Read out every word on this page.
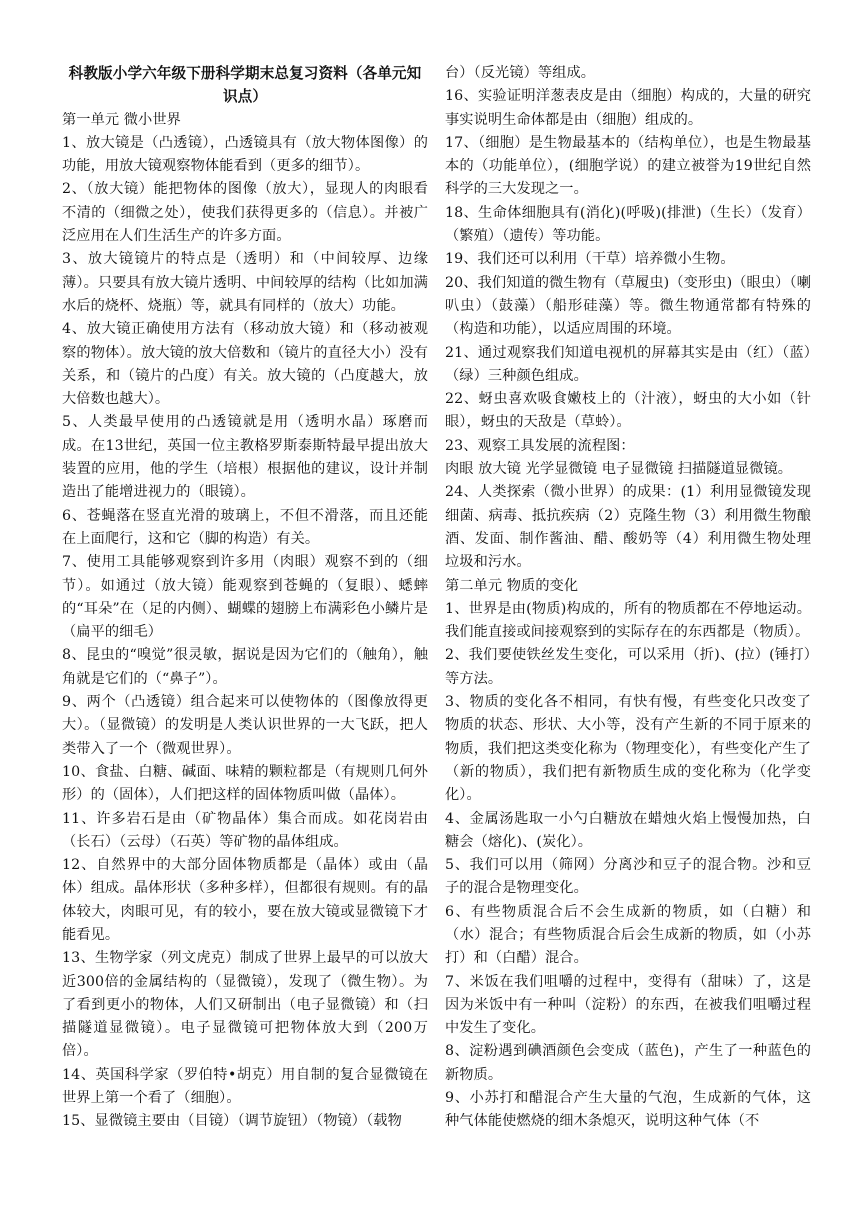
科教版小学六年级下册科学期末总复习资料（各单元知识点）

第一单元 微小世界

1、放大镜是（凸透镜），凸透镜具有（放大物体图像）的功能，用放大镜观察物体能看到（更多的细节）。

2、（放大镜）能把物体的图像（放大），显现人的肉眼看不清的（细微之处），使我们获得更多的（信息）。并被广泛应用在人们生活生产的许多方面。

3、放大镜镜片的特点是（透明）和（中间较厚、边缘薄）。只要具有放大镜片透明、中间较厚的结构（比如加满水后的烧杯、烧瓶）等，就具有同样的（放大）功能。

4、放大镜正确使用方法有（移动放大镜）和（移动被观察的物体）。放大镜的放大倍数和（镜片的直径大小）没有关系，和（镜片的凸度）有关。放大镜的（凸度越大，放大倍数也越大）。

5、人类最早使用的凸透镜就是用（透明水晶）琢磨而成。在13世纪，英国一位主教格罗斯泰斯特最早提出放大装置的应用，他的学生（培根）根据他的建议，设计并制造出了能增进视力的（眼镜）。

6、苍蝇落在竖直光滑的玻璃上，不但不滑落，而且还能在上面爬行，这和它（脚的构造）有关。

7、使用工具能够观察到许多用（肉眼）观察不到的（细节）。如通过（放大镜）能观察到苍蝇的（复眼）、蟋蟀的“耳朵”在（足的内侧）、蝴蝶的翅膀上布满彩色小鳞片是（扁平的细毛）

8、昆虫的“嗅觉”很灵敏，据说是因为它们的（触角），触角就是它们的（“鼻子”）。

9、两个（凸透镜）组合起来可以使物体的（图像放得更大）。（显微镜）的发明是人类认识世界的一大飞跃，把人类带入了一个（微观世界）。

10、食盐、白糖、碱面、味精的颗粒都是（有规则几何外形）的（固体），人们把这样的固体物质叫做（晶体）。

11、许多岩石是由（矿物晶体）集合而成。如花岗岩由（长石）（云母）（石英）等矿物的晶体组成。

12、自然界中的大部分固体物质都是（晶体）或由（晶体）组成。晶体形状（多种多样），但都很有规则。有的晶体较大，肉眼可见，有的较小，要在放大镜或显微镜下才能看见。

13、生物学家（列文虎克）制成了世界上最早的可以放大近300倍的金属结构的（显微镜），发现了（微生物）。为了看到更小的物体，人们又研制出（电子显微镜）和（扫描隧道显微镜）。电子显微镜可把物体放大到（200万倍）。

14、英国科学家（罗伯特•胡克）用自制的复合显微镜在世界上第一个看了（细胞）。

15、显微镜主要由（目镜）（调节旋钮）（物镜）（载物

台）（反光镜）等组成。

16、实验证明洋葱表皮是由（细胞）构成的，大量的研究事实说明生命体都是由（细胞）组成的。

17、（细胞）是生物最基本的（结构单位），也是生物最基本的（功能单位），(细胞学说）的建立被誉为19世纪自然科学的三大发现之一。

18、生命体细胞具有(消化)(呼吸)(排泄)（生长）（发育）（繁殖）（遗传）等功能。

19、我们还可以利用（干草）培养微小生物。

20、我们知道的微生物有（草履虫)（变形虫)（眼虫）（喇叭虫）（鼓藻）（船形硅藻）等。微生物通常都有特殊的（构造和功能），以适应周围的环境。

21、通过观察我们知道电视机的屏幕其实是由（红）（蓝）（绿）三种颜色组成。

22、蚜虫喜欢吸食嫩枝上的（汁液），蚜虫的大小如（针眼），蚜虫的天敌是（草蛉）。

23、观察工具发展的流程图：

肉眼 放大镜 光学显微镜 电子显微镜 扫描隧道显微镜。

24、人类探索（微小世界）的成果：(1）利用显微镜发现细菌、病毒、抵抗疾病（2）克隆生物（3）利用微生物酿酒、发面、制作酱油、醋、酸奶等（4）利用微生物处理垃圾和污水。

第二单元 物质的变化

1、世界是由(物质)构成的，所有的物质都在不停地运动。我们能直接或间接观察到的实际存在的东西都是（物质）。

2、我们要使铁丝发生变化，可以采用（折)、(拉）(锤打）等方法。

3、物质的变化各不相同，有快有慢，有些变化只改变了物质的状态、形状、大小等，没有产生新的不同于原来的物质，我们把这类变化称为（物理变化），有些变化产生了（新的物质），我们把有新物质生成的变化称为（化学变化）。

4、金属汤匙取一小勺白糖放在蜡烛火焰上慢慢加热，白糖会（熔化)、(炭化）。

5、我们可以用（筛网）分离沙和豆子的混合物。沙和豆子的混合是物理变化。

6、有些物质混合后不会生成新的物质，如（白糖）和（水）混合；有些物质混合后会生成新的物质，如（小苏打）和（白醋）混合。

7、米饭在我们咀嚼的过程中，变得有（甜味）了，这是因为米饭中有一种叫（淀粉）的东西，在被我们咀嚼过程中发生了变化。

8、淀粉遇到碘酒颜色会变成（蓝色)，产生了一种蓝色的新物质。

9、小苏打和醋混合产生大量的气泡，生成新的气体，这种气体能使燃烧的细木条熄灭，说明这种气体（不
